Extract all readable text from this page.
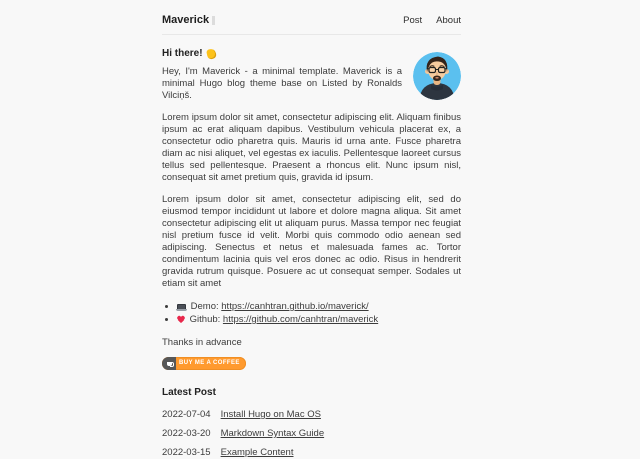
Maverick	Post About
Hi there!

Hey, I'm Maverick - a minimal template. Maverick is a minimal Hugo blog theme base on Listed by Ronalds Vilciņš.

Lorem ipsum dolor sit amet, consectetur adipiscing elit. Aliquam finibus ipsum ac erat aliquam dapibus. Vestibulum vehicula placerat ex, a consectetur odio pharetra quis. Mauris id urna ante. Fusce pharetra diam ac nisi aliquet, vel egestas ex iaculis. Pellentesque laoreet cursus tellus sed pellentesque. Praesent a rhoncus elit. Nunc ipsum nisl, consequat sit amet pretium quis, gravida id ipsum.

Lorem ipsum dolor sit amet, consectetur adipiscing elit, sed do eiusmod tempor incididunt ut labore et dolore magna aliqua. Sit amet consectetur adipiscing elit ut aliquam purus. Massa tempor nec feugiat nisl pretium fusce id velit. Morbi quis commodo odio aenean sed adipiscing. Senectus et netus et malesuada fames ac. Tortor condimentum lacinia quis vel eros donec ac odio. Risus in hendrerit gravida rutrum quisque. Posuere ac ut consequat semper. Sodales ut etiam sit amet

• Demo: https://canhtran.github.io/maverick/
• Github: https://github.com/canhtran/maverick

Thanks in advance

BUY ME A COFFEE
Latest Post
2022-07-04 Install Hugo on Mac OS
2022-03-20 Markdown Syntax Guide
2022-03-15 Example Content
